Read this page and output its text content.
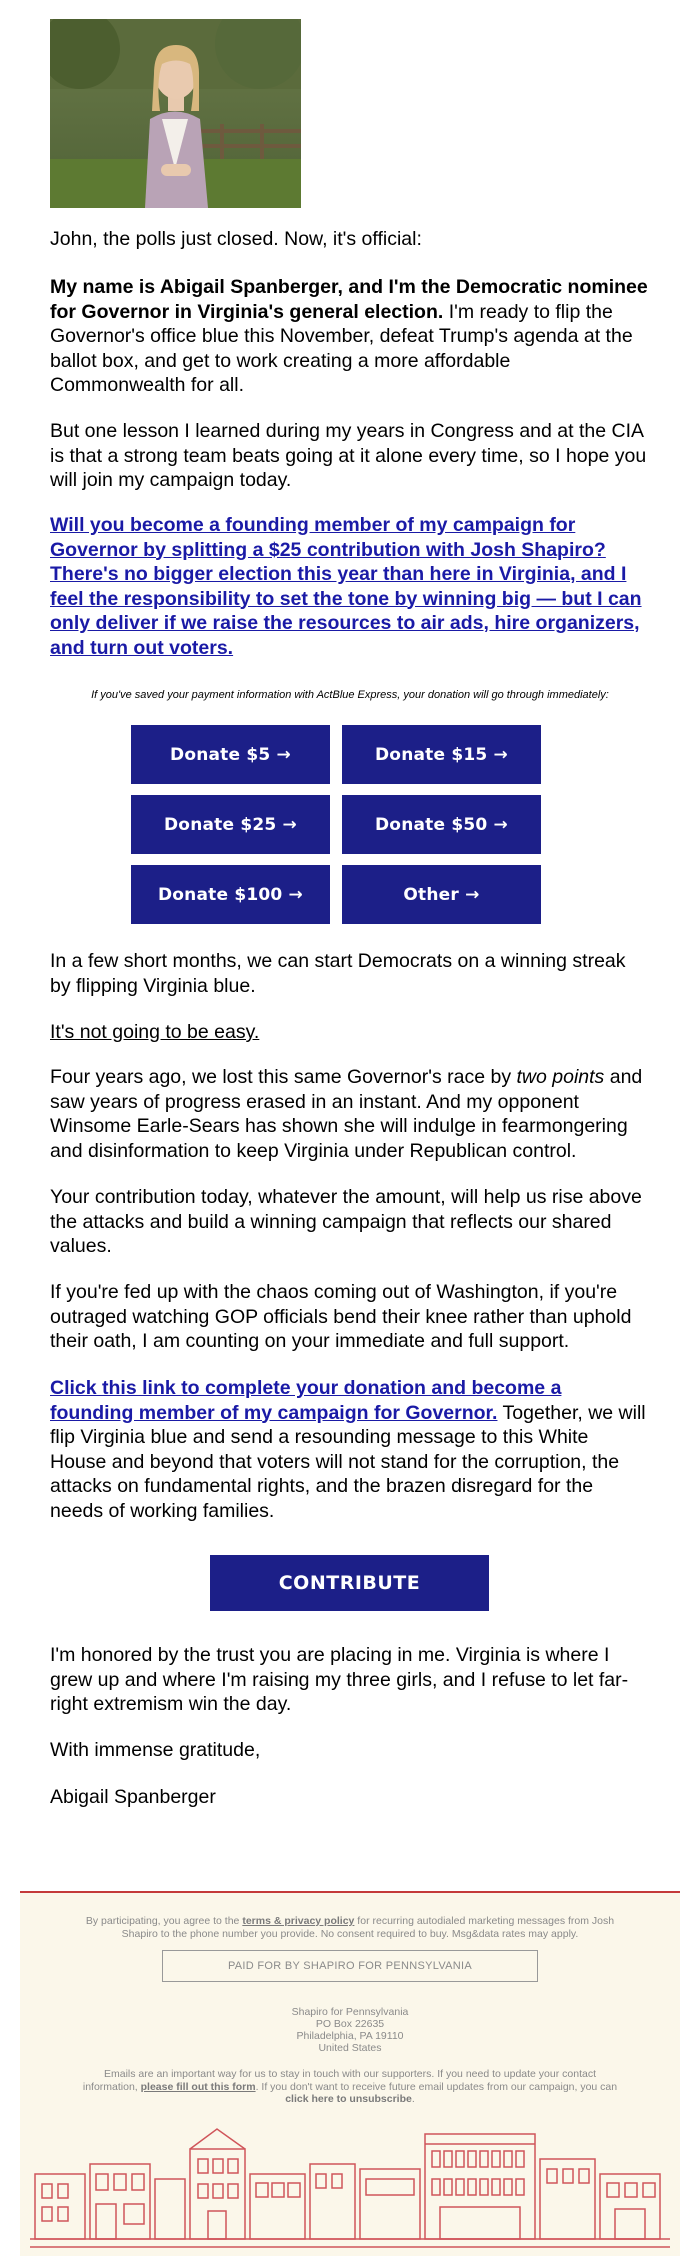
John, the polls just closed. Now, it's official:

My name is Abigail Spanberger, and I'm the Democratic nominee for Governor in Virginia's general election. I'm ready to flip the Governor's office blue this November, defeat Trump's agenda at the ballot box, and get to work creating a more affordable Commonwealth for all.

But one lesson I learned during my years in Congress and at the CIA is that a strong team beats going at it alone every time, so I hope you will join my campaign today.

Will you become a founding member of my campaign for Governor by splitting a $25 contribution with Josh Shapiro? There's no bigger election this year than here in Virginia, and I feel the responsibility to set the tone by winning big — but I can only deliver if we raise the resources to air ads, hire organizers, and turn out voters.

If you've saved your payment information with ActBlue Express, your donation will go through immediately:
Donate $5 →	Donate $15 →
Donate $25 →	Donate $50 →
Donate $100 →	Other →

In a few short months, we can start Democrats on a winning streak by flipping Virginia blue.

It's not going to be easy.

Four years ago, we lost this same Governor's race by two points and saw years of progress erased in an instant. And my opponent Winsome Earle-Sears has shown she will indulge in fearmongering and disinformation to keep Virginia under Republican control.

Your contribution today, whatever the amount, will help us rise above the attacks and build a winning campaign that reflects our shared values.

If you're fed up with the chaos coming out of Washington, if you're outraged watching GOP officials bend their knee rather than uphold their oath, I am counting on your immediate and full support.

Click this link to complete your donation and become a founding member of my campaign for Governor. Together, we will flip Virginia blue and send a resounding message to this White House and beyond that voters will not stand for the corruption, the attacks on fundamental rights, and the brazen disregard for the needs of working families.

CONTRIBUTE

I'm honored by the trust you are placing in me. Virginia is where I grew up and where I'm raising my three girls, and I refuse to let far-right extremism win the day.

With immense gratitude,

Abigail Spanberger

By participating, you agree to the terms & privacy policy for recurring autodialed marketing messages from Josh Shapiro to the phone number you provide. No consent required to buy. Msg&data rates may apply.
PAID FOR BY SHAPIRO FOR PENNSYLVANIA
Shapiro for Pennsylvania
PO Box 22635
Philadelphia, PA 19110
United States
Emails are an important way for us to stay in touch with our supporters. If you need to update your contact information, please fill out this form. If you don't want to receive future email updates from our campaign, you can click here to unsubscribe.
